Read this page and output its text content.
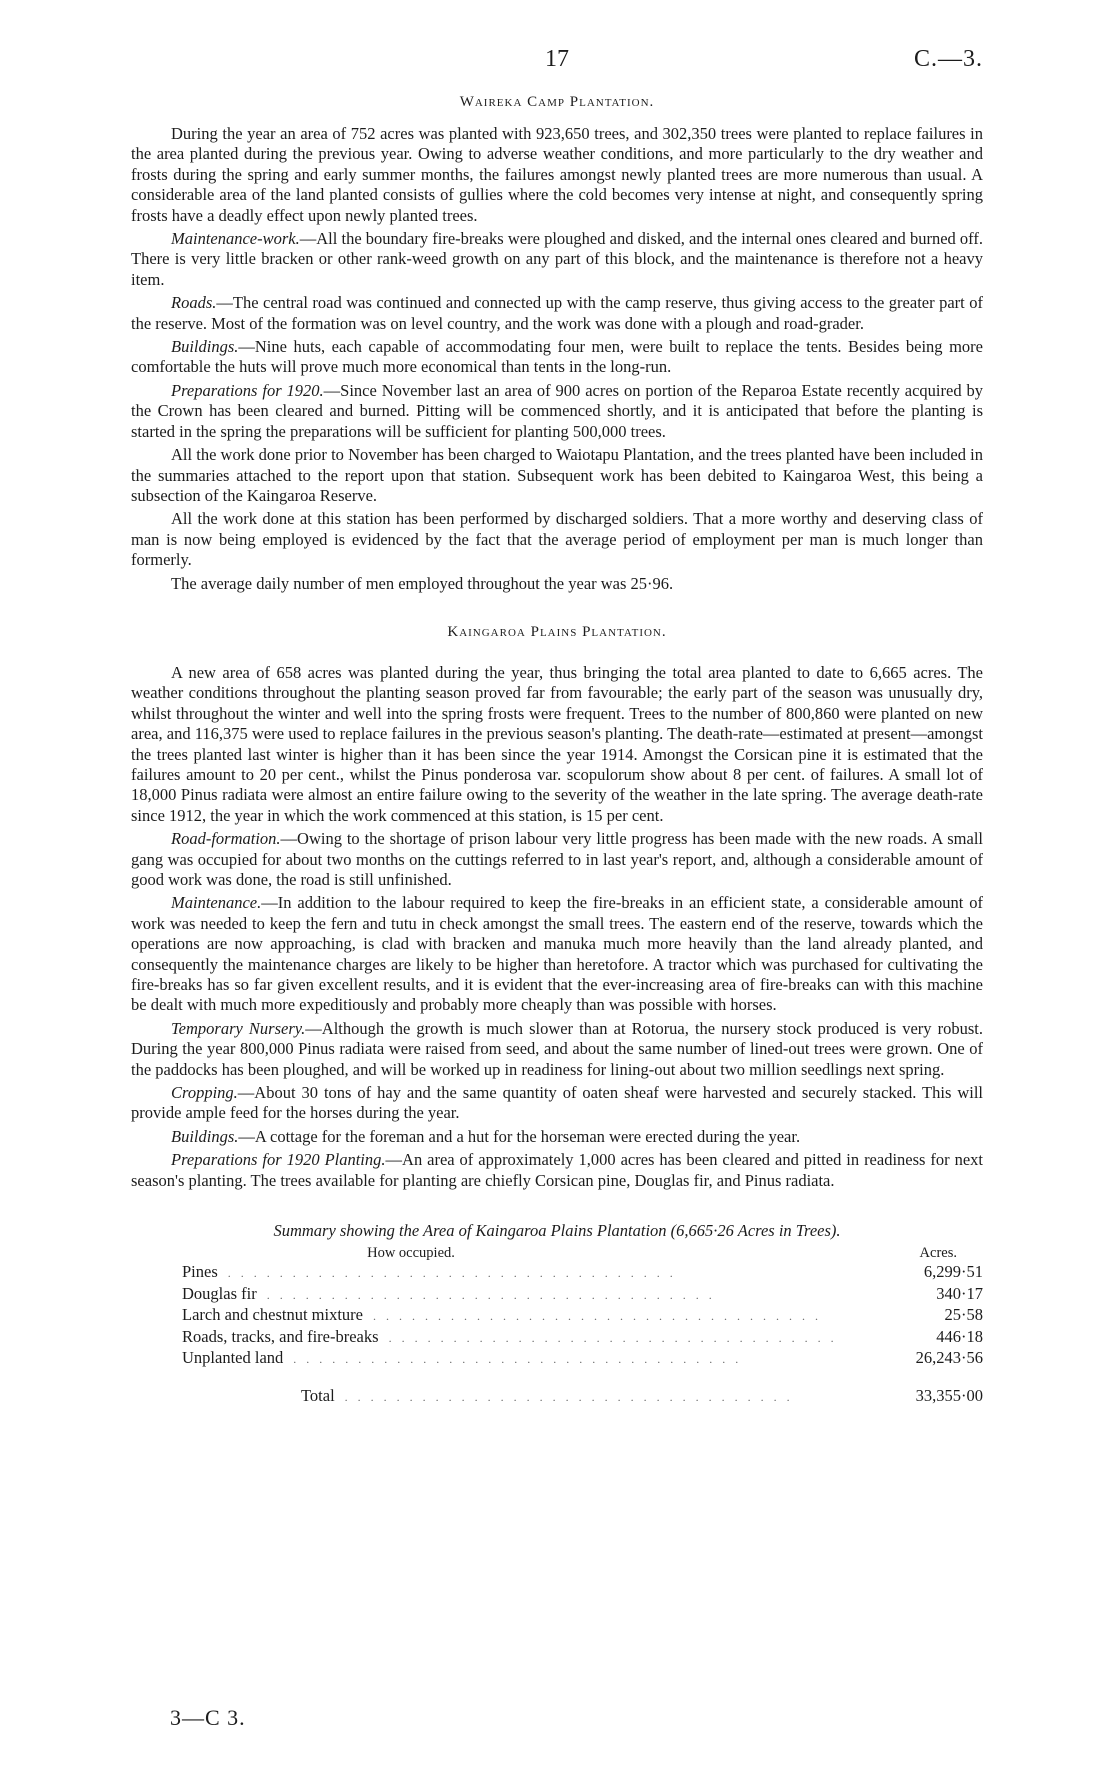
17	C.—3.
Waireka Camp Plantation.

During the year an area of 752 acres was planted with 923,650 trees, and 302,350 trees were planted to replace failures in the area planted during the previous year. Owing to adverse weather conditions, and more particularly to the dry weather and frosts during the spring and early summer months, the failures amongst newly planted trees are more numerous than usual. A considerable area of the land planted consists of gullies where the cold becomes very intense at night, and consequently spring frosts have a deadly effect upon newly planted trees.

Maintenance-work.—All the boundary fire-breaks were ploughed and disked, and the internal ones cleared and burned off. There is very little bracken or other rank-weed growth on any part of this block, and the maintenance is therefore not a heavy item.

Roads.—The central road was continued and connected up with the camp reserve, thus giving access to the greater part of the reserve. Most of the formation was on level country, and the work was done with a plough and road-grader.

Buildings.—Nine huts, each capable of accommodating four men, were built to replace the tents. Besides being more comfortable the huts will prove much more economical than tents in the long-run.

Preparations for 1920.—Since November last an area of 900 acres on portion of the Reparoa Estate recently acquired by the Crown has been cleared and burned. Pitting will be commenced shortly, and it is anticipated that before the planting is started in the spring the preparations will be sufficient for planting 500,000 trees.

All the work done prior to November has been charged to Waiotapu Plantation, and the trees planted have been included in the summaries attached to the report upon that station. Subsequent work has been debited to Kaingaroa West, this being a subsection of the Kaingaroa Reserve.

All the work done at this station has been performed by discharged soldiers. That a more worthy and deserving class of man is now being employed is evidenced by the fact that the average period of employment per man is much longer than formerly.

The average daily number of men employed throughout the year was 25·96.

Kaingaroa Plains Plantation.

A new area of 658 acres was planted during the year, thus bringing the total area planted to date to 6,665 acres. The weather conditions throughout the planting season proved far from favourable; the early part of the season was unusually dry, whilst throughout the winter and well into the spring frosts were frequent. Trees to the number of 800,860 were planted on new area, and 116,375 were used to replace failures in the previous season's planting. The death-rate—estimated at present—amongst the trees planted last winter is higher than it has been since the year 1914. Amongst the Corsican pine it is estimated that the failures amount to 20 per cent., whilst the Pinus ponderosa var. scopulorum show about 8 per cent. of failures. A small lot of 18,000 Pinus radiata were almost an entire failure owing to the severity of the weather in the late spring. The average death-rate since 1912, the year in which the work commenced at this station, is 15 per cent.

Road-formation.—Owing to the shortage of prison labour very little progress has been made with the new roads. A small gang was occupied for about two months on the cuttings referred to in last year's report, and, although a considerable amount of good work was done, the road is still unfinished.

Maintenance.—In addition to the labour required to keep the fire-breaks in an efficient state, a considerable amount of work was needed to keep the fern and tutu in check amongst the small trees. The eastern end of the reserve, towards which the operations are now approaching, is clad with bracken and manuka much more heavily than the land already planted, and consequently the maintenance charges are likely to be higher than heretofore. A tractor which was purchased for cultivating the fire-breaks has so far given excellent results, and it is evident that the ever-increasing area of fire-breaks can with this machine be dealt with much more expeditiously and probably more cheaply than was possible with horses.

Temporary Nursery.—Although the growth is much slower than at Rotorua, the nursery stock produced is very robust. During the year 800,000 Pinus radiata were raised from seed, and about the same number of lined-out trees were grown. One of the paddocks has been ploughed, and will be worked up in readiness for lining-out about two million seedlings next spring.

Cropping.—About 30 tons of hay and the same quantity of oaten sheaf were harvested and securely stacked. This will provide ample feed for the horses during the year.

Buildings.—A cottage for the foreman and a hut for the horseman were erected during the year.

Preparations for 1920 Planting.—An area of approximately 1,000 acres has been cleared and pitted in readiness for next season's planting. The trees available for planting are chiefly Corsican pine, Douglas fir, and Pinus radiata.

Summary showing the Area of Kaingaroa Plains Plantation (6,665·26 Acres in Trees).
How occupied.	Acres.
Pines ...................................	6,299·51
Douglas fir ...................................	340·17
Larch and chestnut mixture ...................................	25·58
Roads, tracks, and fire-breaks ...................................	446·18
Unplanted land ...................................	26,243·56
Total ...................................	33,355·00
3—C 3.
